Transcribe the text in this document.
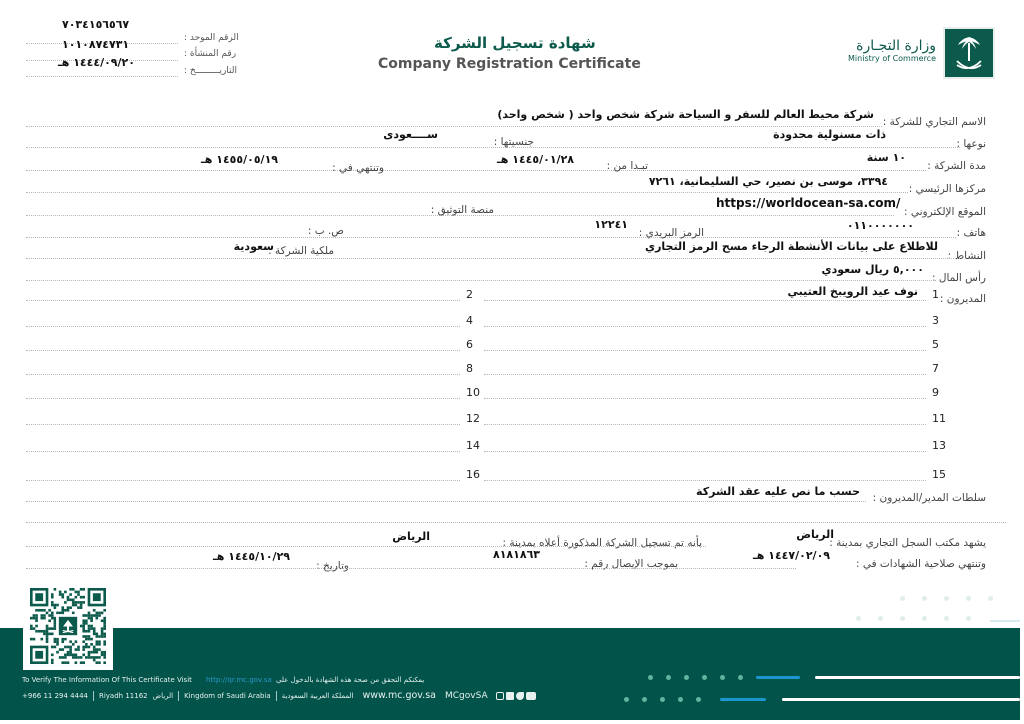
٧٠٣٤١٥٦٥٦٧
الرقم الموحد :
١٠١٠٨٧٤٧٣١
رقم المنشأة :
١٤٤٤/٠٩/٢٠ هـ
التاريـــــــــخ :
شهادة تسجيل الشركة
Company Registration Certificate
وزارة التجـارة
Ministry of Commerce
الاسم التجاري للشركة :
شركة محيط العالم للسفر و السياحة شركة شخص واحد ( شخص واحد)
نوعها :
ذات مسنولية محدودة
جنسيتها :
ســــعودى
مدة الشركة :
١٠ سنة
تبـدا من :
١٤٤٥/٠١/٢٨ هـ
وتنتهي في :
١٤٥٥/٠٥/١٩ هـ
مركزها الرئيسي :
٣٣٩٤، موسى بن نصير، حي السليمانية، ٧٢٦١
الموقع الإلكتروني :
https://worldocean-sa.com/
منصة التوثيق :
هاتف :
٠١١٠٠٠٠٠٠٠
الرمز البريدي :
١٢٢٤١
ص. ب :
النشاط :
للاطلاع على بيانات الأنشطة الرجاء مسح الرمز التجاري
ملكية الشركة :
سعودية
رأس المال :
٥,٠٠٠ ريال سعودي
المديرون :
نوف عيد الرويبخ العتيبي 1
2
3
4
5
6
7
8
9
10
11
12
13
14
15
16
سلطات المدير/المديرون :
حسب ما نص عليه عقد الشركة
يشهد مكتب السجل التجاري بمدينة :
الرياض
بأنه تم تسجيل الشركة المذكورة أعلاه بمدينة :
الرياض
وتنتهي صلاحية الشهادات في :
١٤٤٧/٠٢/٠٩ هـ
بموجب الإيصال رقم :
٨١٨١٨٦٣
وتاريخ :
١٤٤٥/١٠/٢٩ هـ
To Verify The Information Of This Certificate Visit http://qr.mc.gov.sa يمكنكم التحقق من صحة هذه الشهادة بالدخول على
+966 11 294 4444 Riyadh 11162 الرياض Kingdom of Saudi Arabia المملكة العربية السعودية www.mc.gov.sa MCgovSA
